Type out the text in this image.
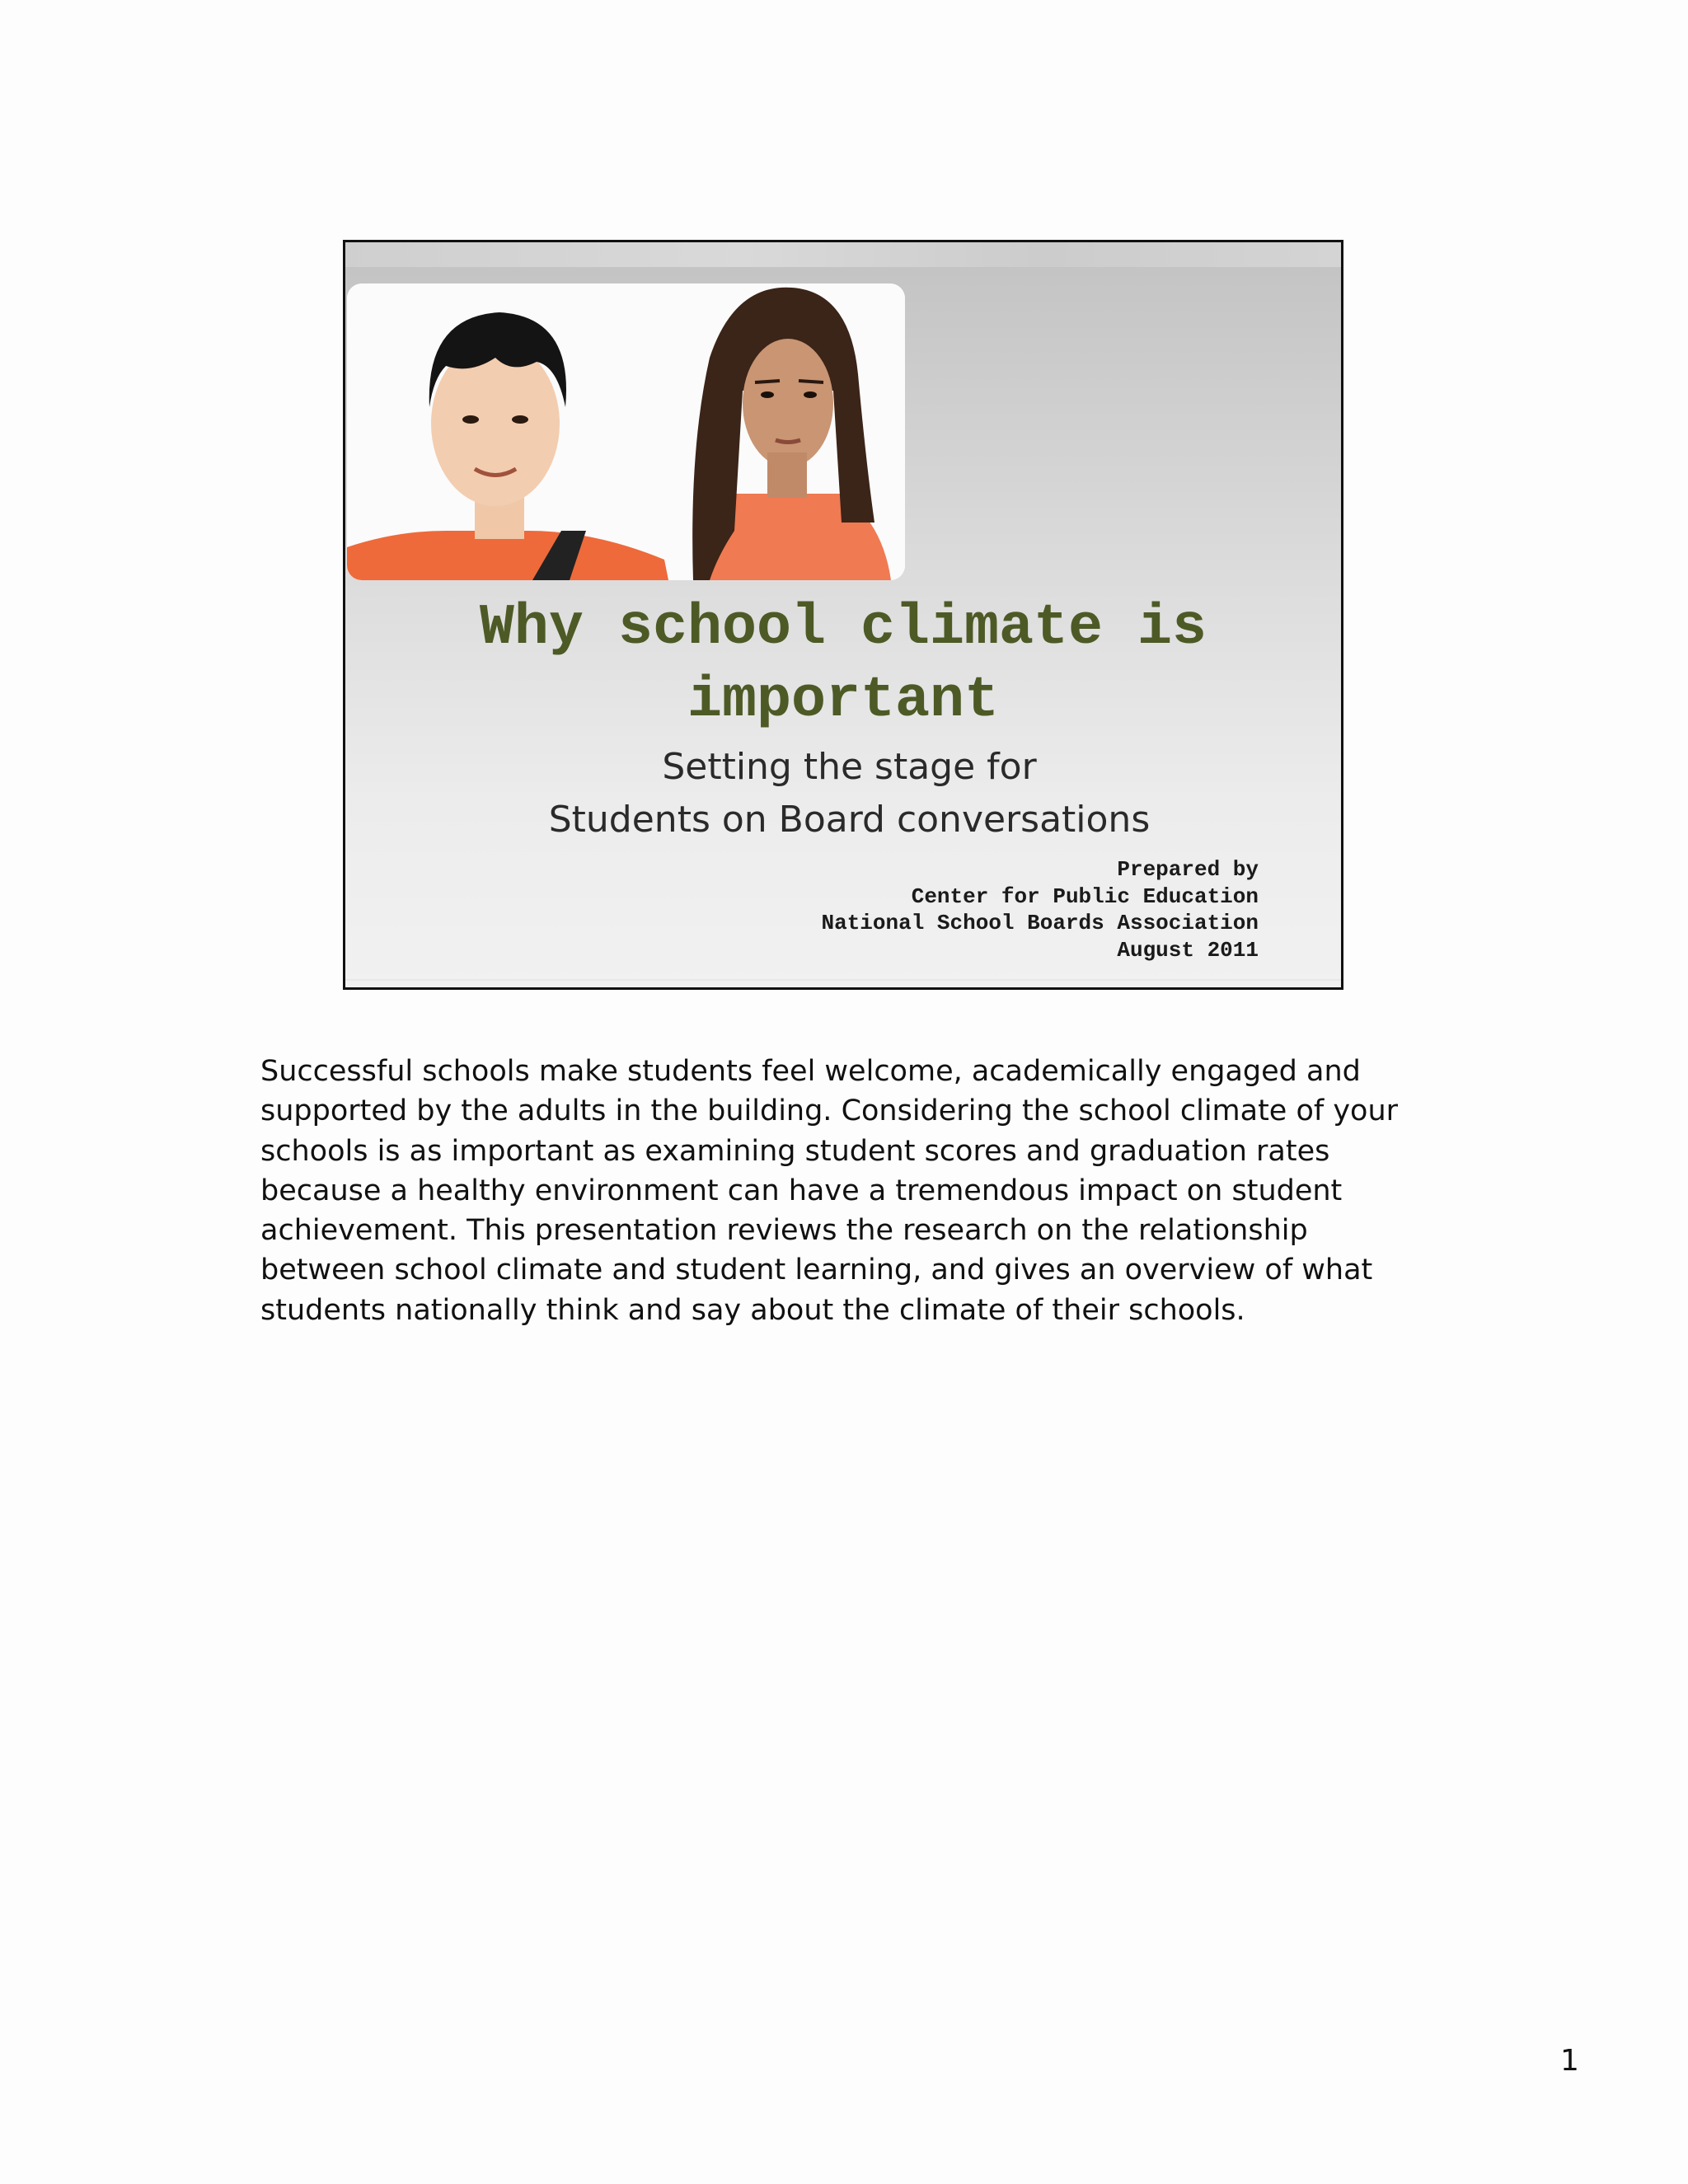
Why school climate is
important
Setting the stage for
Students on Board conversations
Prepared by
Center for Public Education
National School Boards Association
August 2011

Successful schools make students feel welcome, academically engaged and supported by the adults in the building. Considering the school climate of your schools is as important as examining student scores and graduation rates because a healthy environment can have a tremendous impact on student achievement. This presentation reviews the research on the relationship between school climate and student learning, and gives an overview of what students nationally think and say about the climate of their schools.

1
